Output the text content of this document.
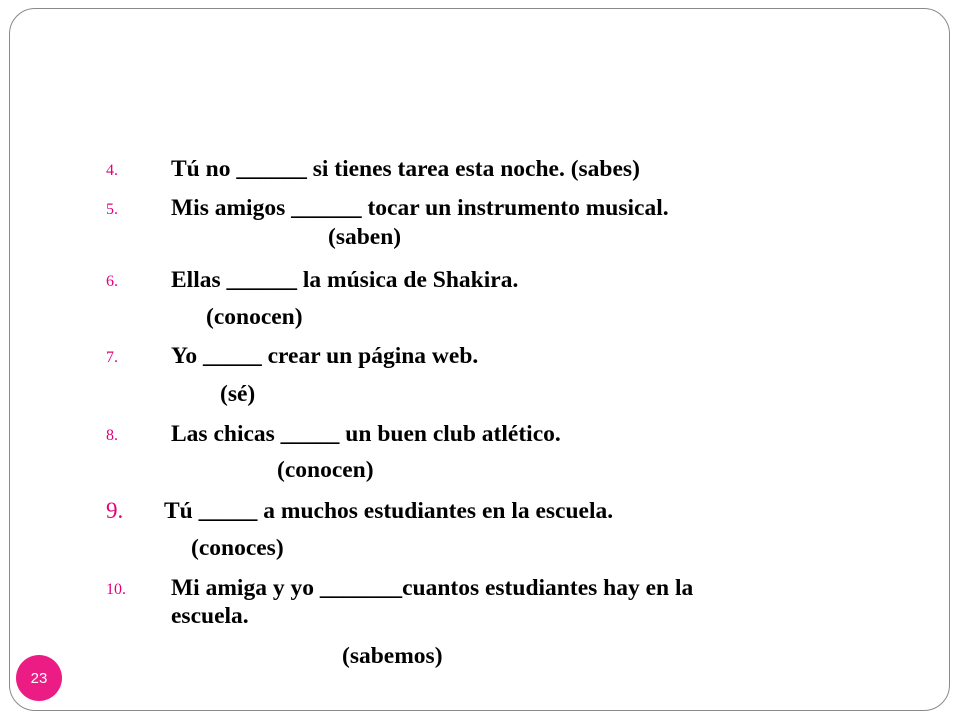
4. Tú no ______ si tienes tarea esta noche. (sabes)
5. Mis amigos ______ tocar un instrumento musical.
(saben)
6. Ellas ______ la música de Shakira.
(conocen)
7. Yo _____ crear un página web.
(sé)
8. Las chicas _____ un buen club atlético.
(conocen)
9. Tú _____ a muchos estudiantes en la escuela.
(conoces)
10. Mi amiga y yo _______cuantos estudiantes hay en la
escuela.
(sabemos)
23
